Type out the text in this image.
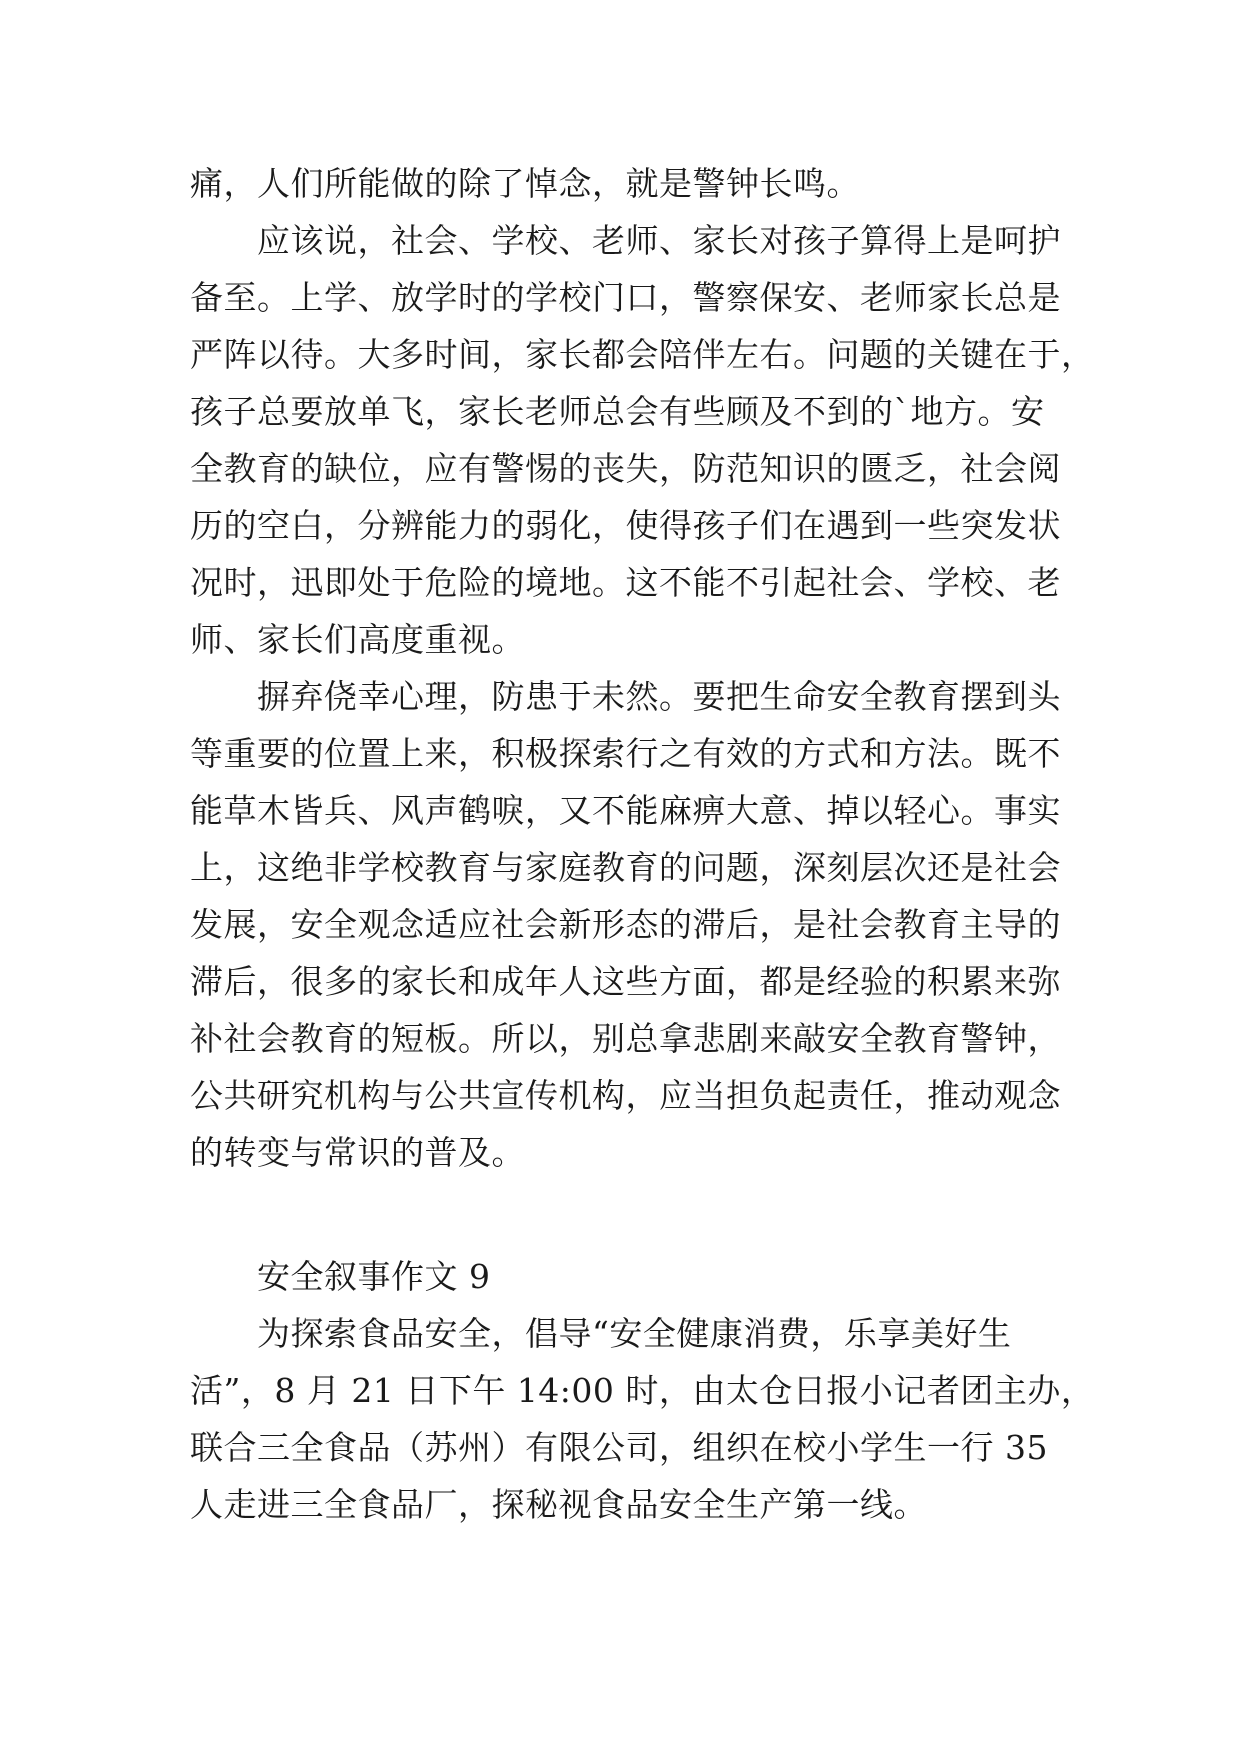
痛，人们所能做的除了悼念，就是警钟长鸣。

　　应该说，社会、学校、老师、家长对孩子算得上是呵护

备至。上学、放学时的学校门口，警察保安、老师家长总是

严阵以待。大多时间，家长都会陪伴左右。问题的关键在于，

孩子总要放单飞，家长老师总会有些顾及不到的`地方。安

全教育的缺位，应有警惕的丧失，防范知识的匮乏，社会阅

历的空白，分辨能力的弱化，使得孩子们在遇到一些突发状

况时，迅即处于危险的境地。这不能不引起社会、学校、老

师、家长们高度重视。

　　摒弃侥幸心理，防患于未然。要把生命安全教育摆到头

等重要的位置上来，积极探索行之有效的方式和方法。既不

能草木皆兵、风声鹤唳，又不能麻痹大意、掉以轻心。事实

上，这绝非学校教育与家庭教育的问题，深刻层次还是社会

发展，安全观念适应社会新形态的滞后，是社会教育主导的

滞后，很多的家长和成年人这些方面，都是经验的积累来弥

补社会教育的短板。所以，别总拿悲剧来敲安全教育警钟，

公共研究机构与公共宣传机构，应当担负起责任，推动观念

的转变与常识的普及。

　　安全叙事作文 9

　　为探索食品安全，倡导“安全健康消费，乐享美好生

活”，8 月 21 日下午 14:00 时，由太仓日报小记者团主办，

联合三全食品（苏州）有限公司，组织在校小学生一行 35

人走进三全食品厂，探秘视食品安全生产第一线。
